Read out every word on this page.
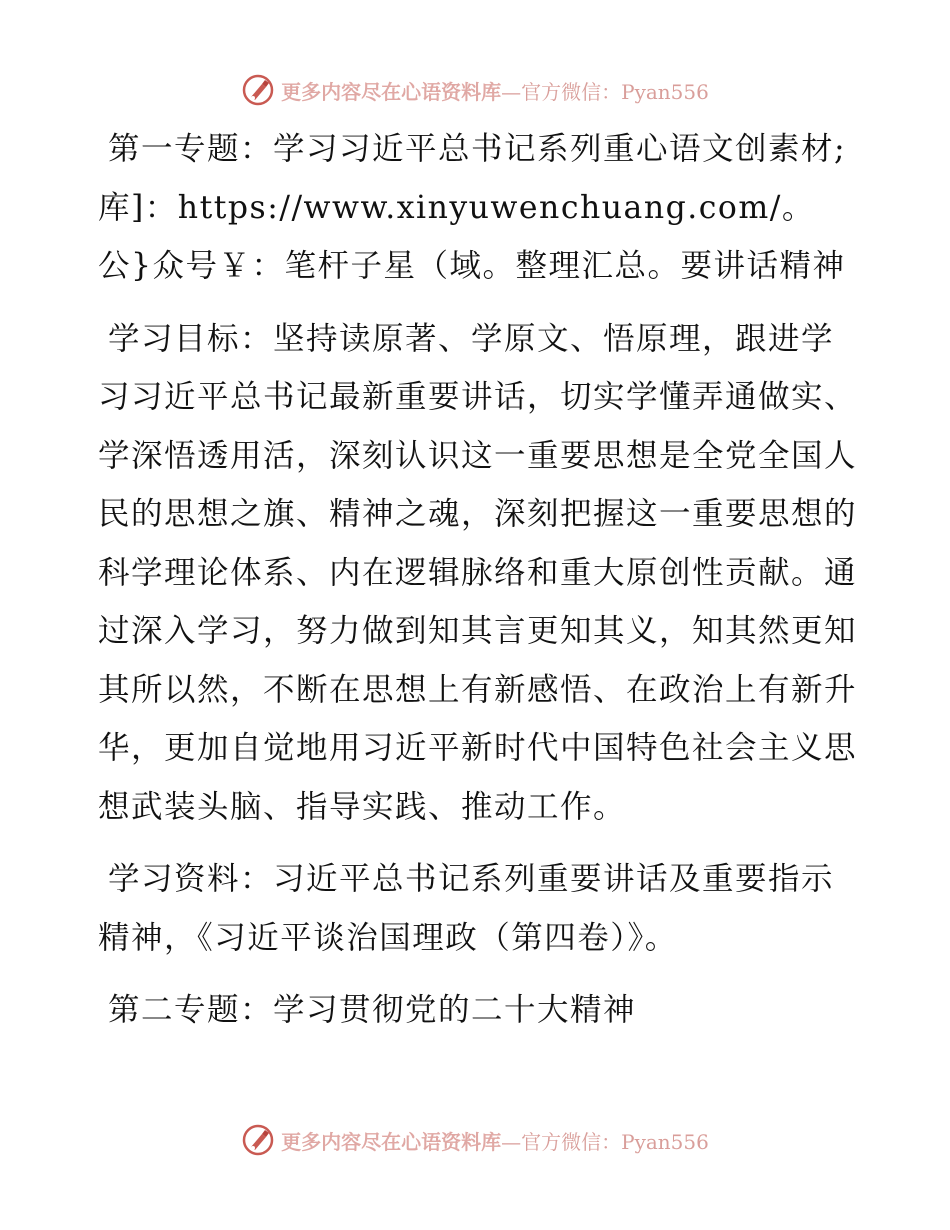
更多内容尽在心语资料库—官方微信：Pyan556

第一专题：学习习近平总书记系列重心语文创素材;库]：https://www.xinyuwenchuang.com/。公}众号￥：笔杆子星（域。整理汇总。要讲话精神

学习目标：坚持读原著、学原文、悟原理，跟进学习习近平总书记最新重要讲话，切实学懂弄通做实、学深悟透用活，深刻认识这一重要思想是全党全国人民的思想之旗、精神之魂，深刻把握这一重要思想的科学理论体系、内在逻辑脉络和重大原创性贡献。通过深入学习，努力做到知其言更知其义，知其然更知其所以然，不断在思想上有新感悟、在政治上有新升华，更加自觉地用习近平新时代中国特色社会主义思想武装头脑、指导实践、推动工作。

学习资料：习近平总书记系列重要讲话及重要指示精神，《习近平谈治国理政（第四卷）》。

第二专题：学习贯彻党的二十大精神

更多内容尽在心语资料库—官方微信：Pyan556
